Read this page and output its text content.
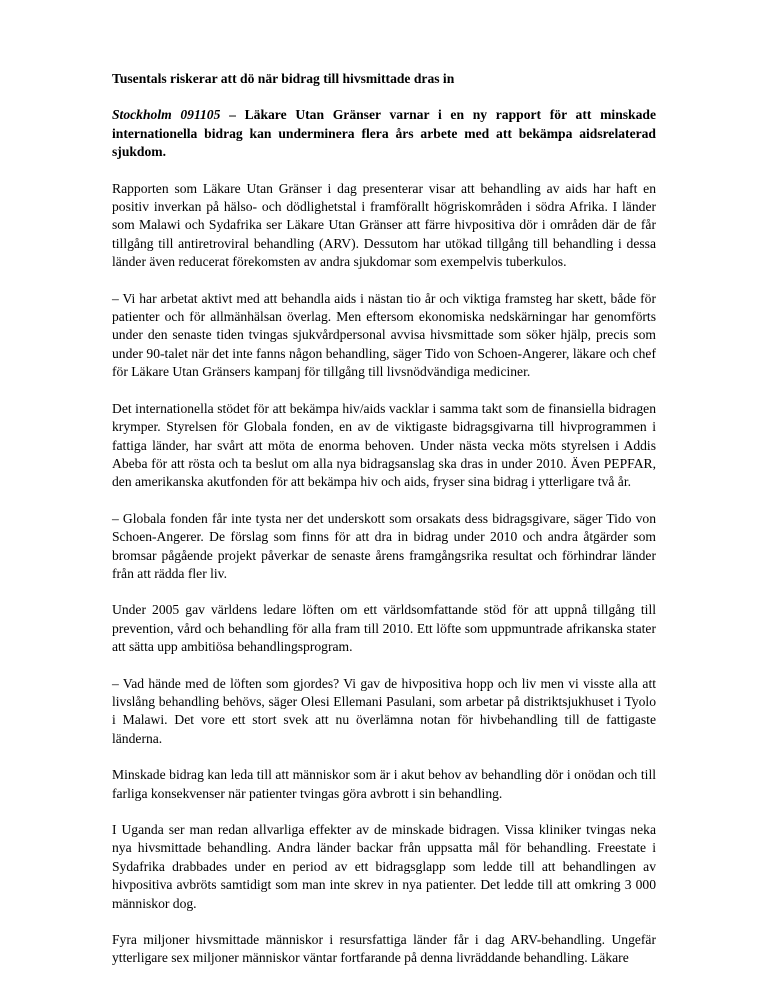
Tusentals riskerar att dö när bidrag till hivsmittade dras in
Stockholm 091105 – Läkare Utan Gränser varnar i en ny rapport för att minskade internationella bidrag kan underminera flera års arbete med att bekämpa aidsrelaterad sjukdom.

Rapporten som Läkare Utan Gränser i dag presenterar visar att behandling av aids har haft en positiv inverkan på hälso- och dödlighetstal i framförallt högriskområden i södra Afrika. I länder som Malawi och Sydafrika ser Läkare Utan Gränser att färre hivpositiva dör i områden där de får tillgång till antiretroviral behandling (ARV). Dessutom har utökad tillgång till behandling i dessa länder även reducerat förekomsten av andra sjukdomar som exempelvis tuberkulos.

– Vi har arbetat aktivt med att behandla aids i nästan tio år och viktiga framsteg har skett, både för patienter och för allmänhälsan överlag. Men eftersom ekonomiska nedskärningar har genomförts under den senaste tiden tvingas sjukvårdpersonal avvisa hivsmittade som söker hjälp, precis som under 90-talet när det inte fanns någon behandling, säger Tido von Schoen-Angerer, läkare och chef för Läkare Utan Gränsers kampanj för tillgång till livsnödvändiga mediciner.

Det internationella stödet för att bekämpa hiv/aids vacklar i samma takt som de finansiella bidragen krymper. Styrelsen för Globala fonden, en av de viktigaste bidragsgivarna till hivprogrammen i fattiga länder, har svårt att möta de enorma behoven. Under nästa vecka möts styrelsen i Addis Abeba för att rösta och ta beslut om alla nya bidragsanslag ska dras in under 2010. Även PEPFAR, den amerikanska akutfonden för att bekämpa hiv och aids, fryser sina bidrag i ytterligare två år.

– Globala fonden får inte tysta ner det underskott som orsakats dess bidragsgivare, säger Tido von Schoen-Angerer. De förslag som finns för att dra in bidrag under 2010 och andra åtgärder som bromsar pågående projekt påverkar de senaste årens framgångsrika resultat och förhindrar länder från att rädda fler liv.

Under 2005 gav världens ledare löften om ett världsomfattande stöd för att uppnå tillgång till prevention, vård och behandling för alla fram till 2010. Ett löfte som uppmuntrade afrikanska stater att sätta upp ambitiösa behandlingsprogram.

– Vad hände med de löften som gjordes? Vi gav de hivpositiva hopp och liv men vi visste alla att livslång behandling behövs, säger Olesi Ellemani Pasulani, som arbetar på distriktsjukhuset i Tyolo i Malawi. Det vore ett stort svek att nu överlämna notan för hivbehandling till de fattigaste länderna.

Minskade bidrag kan leda till att människor som är i akut behov av behandling dör i onödan och till farliga konsekvenser när patienter tvingas göra avbrott i sin behandling.

I Uganda ser man redan allvarliga effekter av de minskade bidragen. Vissa kliniker tvingas neka nya hivsmittade behandling. Andra länder backar från uppsatta mål för behandling. Freestate i Sydafrika drabbades under en period av ett bidragsglapp som ledde till att behandlingen av hivpositiva avbröts samtidigt som man inte skrev in nya patienter. Det ledde till att omkring 3 000 människor dog.

Fyra miljoner hivsmittade människor i resursfattiga länder får i dag ARV-behandling. Ungefär ytterligare sex miljoner människor väntar fortfarande på denna livräddande behandling. Läkare
